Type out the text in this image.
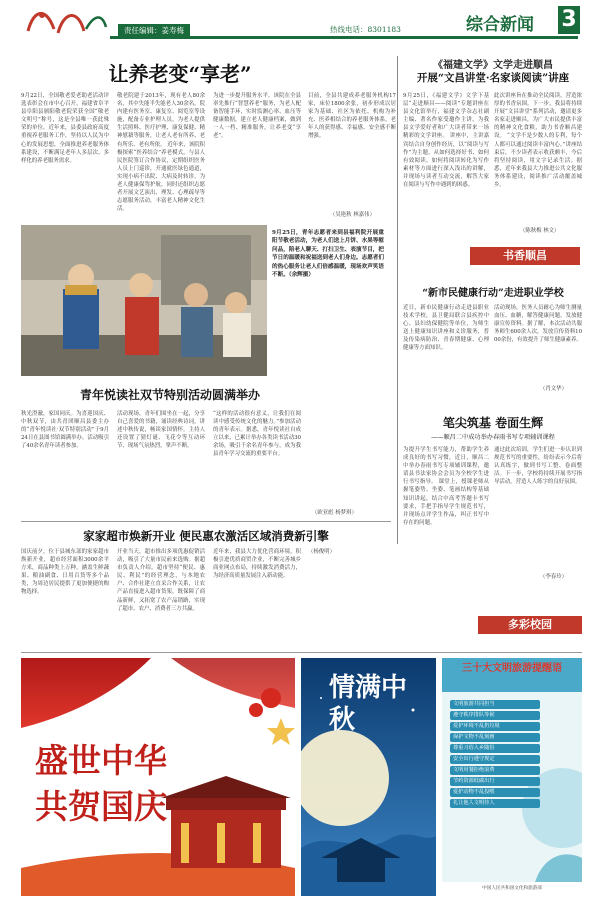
责任编辑：姜寿梅	热线电话：8301183	综合新闻 3
让养老变“享老”
9月22日，全国敬老爱老助老活动评选表彰会在市中心召开，福建省阜平县阜阳县颁阳敬老院荣获全国“敬老文明号”称号，这是全县唯一获此殊荣的单位。近年来，县委县政府高度重视养老服务工作，坚持以人民为中心的发展思想，全面推进养老服务体系建设，不断满足老年人多层次、多样化的养老服务需求。
敬老院建于2013年，现有老人80余名，其中失能半失能老人30余名。院内建有医务室、康复室、阅览室等设施，配备专业护理人员，为老人提供生活照料、医疗护理、康复保健、精神慰藉等服务，让老人老有所养、老有所乐、老有所依。 近年来，该院积极探索“医养结合”养老模式，与县人民医院签订合作协议，定期组织医务人员上门巡诊，开通就医绿色通道，实现小病不出院、大病及时转诊，为老人健康保驾护航。同时还组织志愿者开展文艺演出、理发、心理疏导等志愿服务活动，丰富老人精神文化生活。
为进一步提升服务水平，该院在全县率先推行“智慧养老”服务，为老人配备智能手环，实时监测心率、血压等健康数据，建立老人健康档案，做到一人一档、精准服务，让养老变“享老”。
目前，全县共建成养老服务机构17家，床位1800余张，初步形成以居家为基础、社区为依托、机构为补充、医养相结合的养老服务体系，老年人的获得感、幸福感、安全感不断增强。
（吴艳秋 林嘉伟）
9月25日，青年志愿者来到县福利院开展重阳节敬老活动，为老人们送上月饼、水果等慰问品，陪老人聊天、打扫卫生、表演节目，把节日的温暖和祝福送到老人们身边。志愿者们的热心服务让老人们倍感温暖，现场欢声笑语不断。（余辉摄）
《福建文学》文学走进顺昌
开展“文昌讲堂·名家谈阅读”讲座
9月25日，《福建文学》文学下基层“走进顺昌——阅读”专题讲座在县文化馆举行，福建文学杂志社副主编、著名作家受邀作主讲，为我县文学爱好者和广大读者带来一场精彩的文学讲座。 讲座中，主讲嘉宾结合自身创作经历，以“阅读与写作”为主题，从如何选择好书、如何有效阅读、如何将阅读转化为写作素材等方面进行深入浅出的讲解，并现场与读者互动交流，解答大家在阅读与写作中遇到的困惑。
此次讲座旨在推动全民阅读，营造浓厚的书香氛围。下一步，我县将持续开展“文昌讲堂”系列活动，邀请更多名家走进顺昌，为广大市民提供丰富的精神文化食粮，助力书香顺昌建设。 “文学不是少数人的专利，每个人都可以通过阅读丰富内心。”讲座结束后，不少读者表示收获颇丰，今后将坚持阅读，用文字记录生活。据悉，近年来我县大力推进公共文化服务体系建设，阅读推广活动覆盖城乡。
（陈秋梅 林文）
书香顺昌
“新市民健康行动”走进职业学校
近日，新市民健康行动走进县职业技术学校，县卫健局联合县疾控中心、县妇幼保健院等单位，为师生送上健康知识讲座和义诊服务，普及传染病防治、青春期健康、心理健康等方面知识。
活动现场，医务人员耐心为师生测量血压、血糖，解答健康问题，发放健康宣传资料。据了解，本次活动共服务师生600余人次，发放宣传资料1000余份，有效提升了师生健康素养。
（肖文华）
青年悦读社双节特别活动圆满举办
秋光澄澈，家国同庆。为喜迎国庆、中秋双节，由共青团顺昌县委主办的“青年悦读社·双节特别活动”于9月24日在县图书馆圆满举办。活动吸引了40余名青年读者参加。
活动现场，青年们围坐在一起，分享自己喜爱的书籍，诵读经典诗词，讲述中秋传说，畅谈家国情怀。主持人还设置了猜灯谜、飞花令等互动环节，现场气氛热烈，掌声不断。
“这样的活动很有意义，让我们在阅读中感受传统文化的魅力。”参加活动的青年表示。据悉，青年悦读社自成立以来，已累计举办各类读书活动30余场，吸引千余名青年参与，成为我县青年学习交流的重要平台。
（欧亚彪 杨梦琪）
笔尖筑基 卷面生辉
——顺昌二中成功举办春雨书写专项辅训课程
为提升学生书写能力，帮助学生养成良好的书写习惯，近日，顺昌二中举办春雨书写专项辅训课程，邀请县书法家协会会员为全校学生进行书写指导。 课堂上，授课老师从握笔姿势、坐姿、笔画结构等基础知识讲起，结合中高考答题卡书写要求，手把手指导学生规范书写，并现场点评学生作品，纠正书写中存在的问题。
通过此次培训，学生们进一步认识到规范书写的重要性，纷纷表示今后将认真练字，做到书写工整、卷面整洁。下一步，学校将持续开展书写指导活动，营造人人练字的良好氛围。
（李春玲）
家家超市焕新开业 便民惠农激活区域消费新引擎
国庆前夕，位于县城东部的家家超市焕新开业，超市经营面积3000余平方米，商品种类上万种，涵盖生鲜蔬果、粮油副食、日用百货等多个品类，为周边居民提供了更加便捷的购物选择。
开业当天，超市推出多项优惠促销活动，吸引了大量市民前来选购。据超市负责人介绍，超市坚持“便民、惠民、利民”的经营理念，与本地农户、合作社建立直采合作关系，让农产品直接进入超市货架，既保障了商品新鲜，又拓宽了农产品销路，实现了超市、农户、消费者三方共赢。
近年来，我县大力优化营商环境，积极引进优质商贸企业，不断完善城乡商业网点布局，持续激发消费活力，为经济高质量发展注入新动能。
（杨俊明）
多彩校园
盛世中华 共贺国庆
情满中秋
三十大文明旅游提醒语
文明旅游共同担当
遵守秩序排队等候
爱护环境不乱扔垃圾
保护文物不乱刻画
尊重习俗入乡随俗
安全出行遵守规定
文明用餐拒绝浪费
节约资源低碳出行
爱护动物不乱投喂
礼让他人文明待人
中国人民共和国文化和旅游部
